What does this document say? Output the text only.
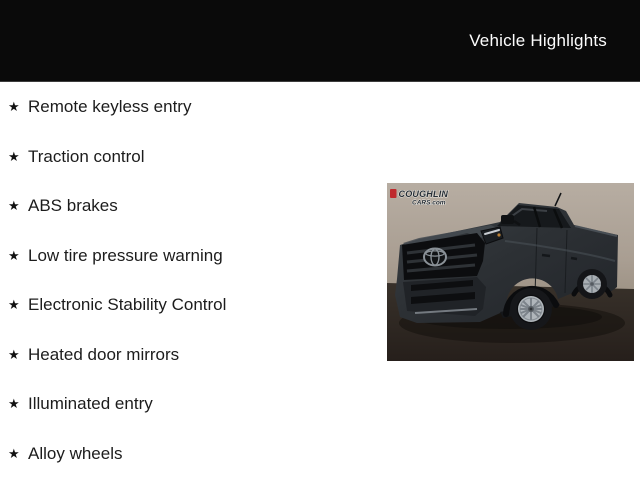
Vehicle Highlights
★ Remote keyless entry
★ Traction control
★ ABS brakes
★ Low tire pressure warning
★ Electronic Stability Control
★ Heated door mirrors
★ Illuminated entry
★ Alloy wheels
COUGHLIN
CARS.com
